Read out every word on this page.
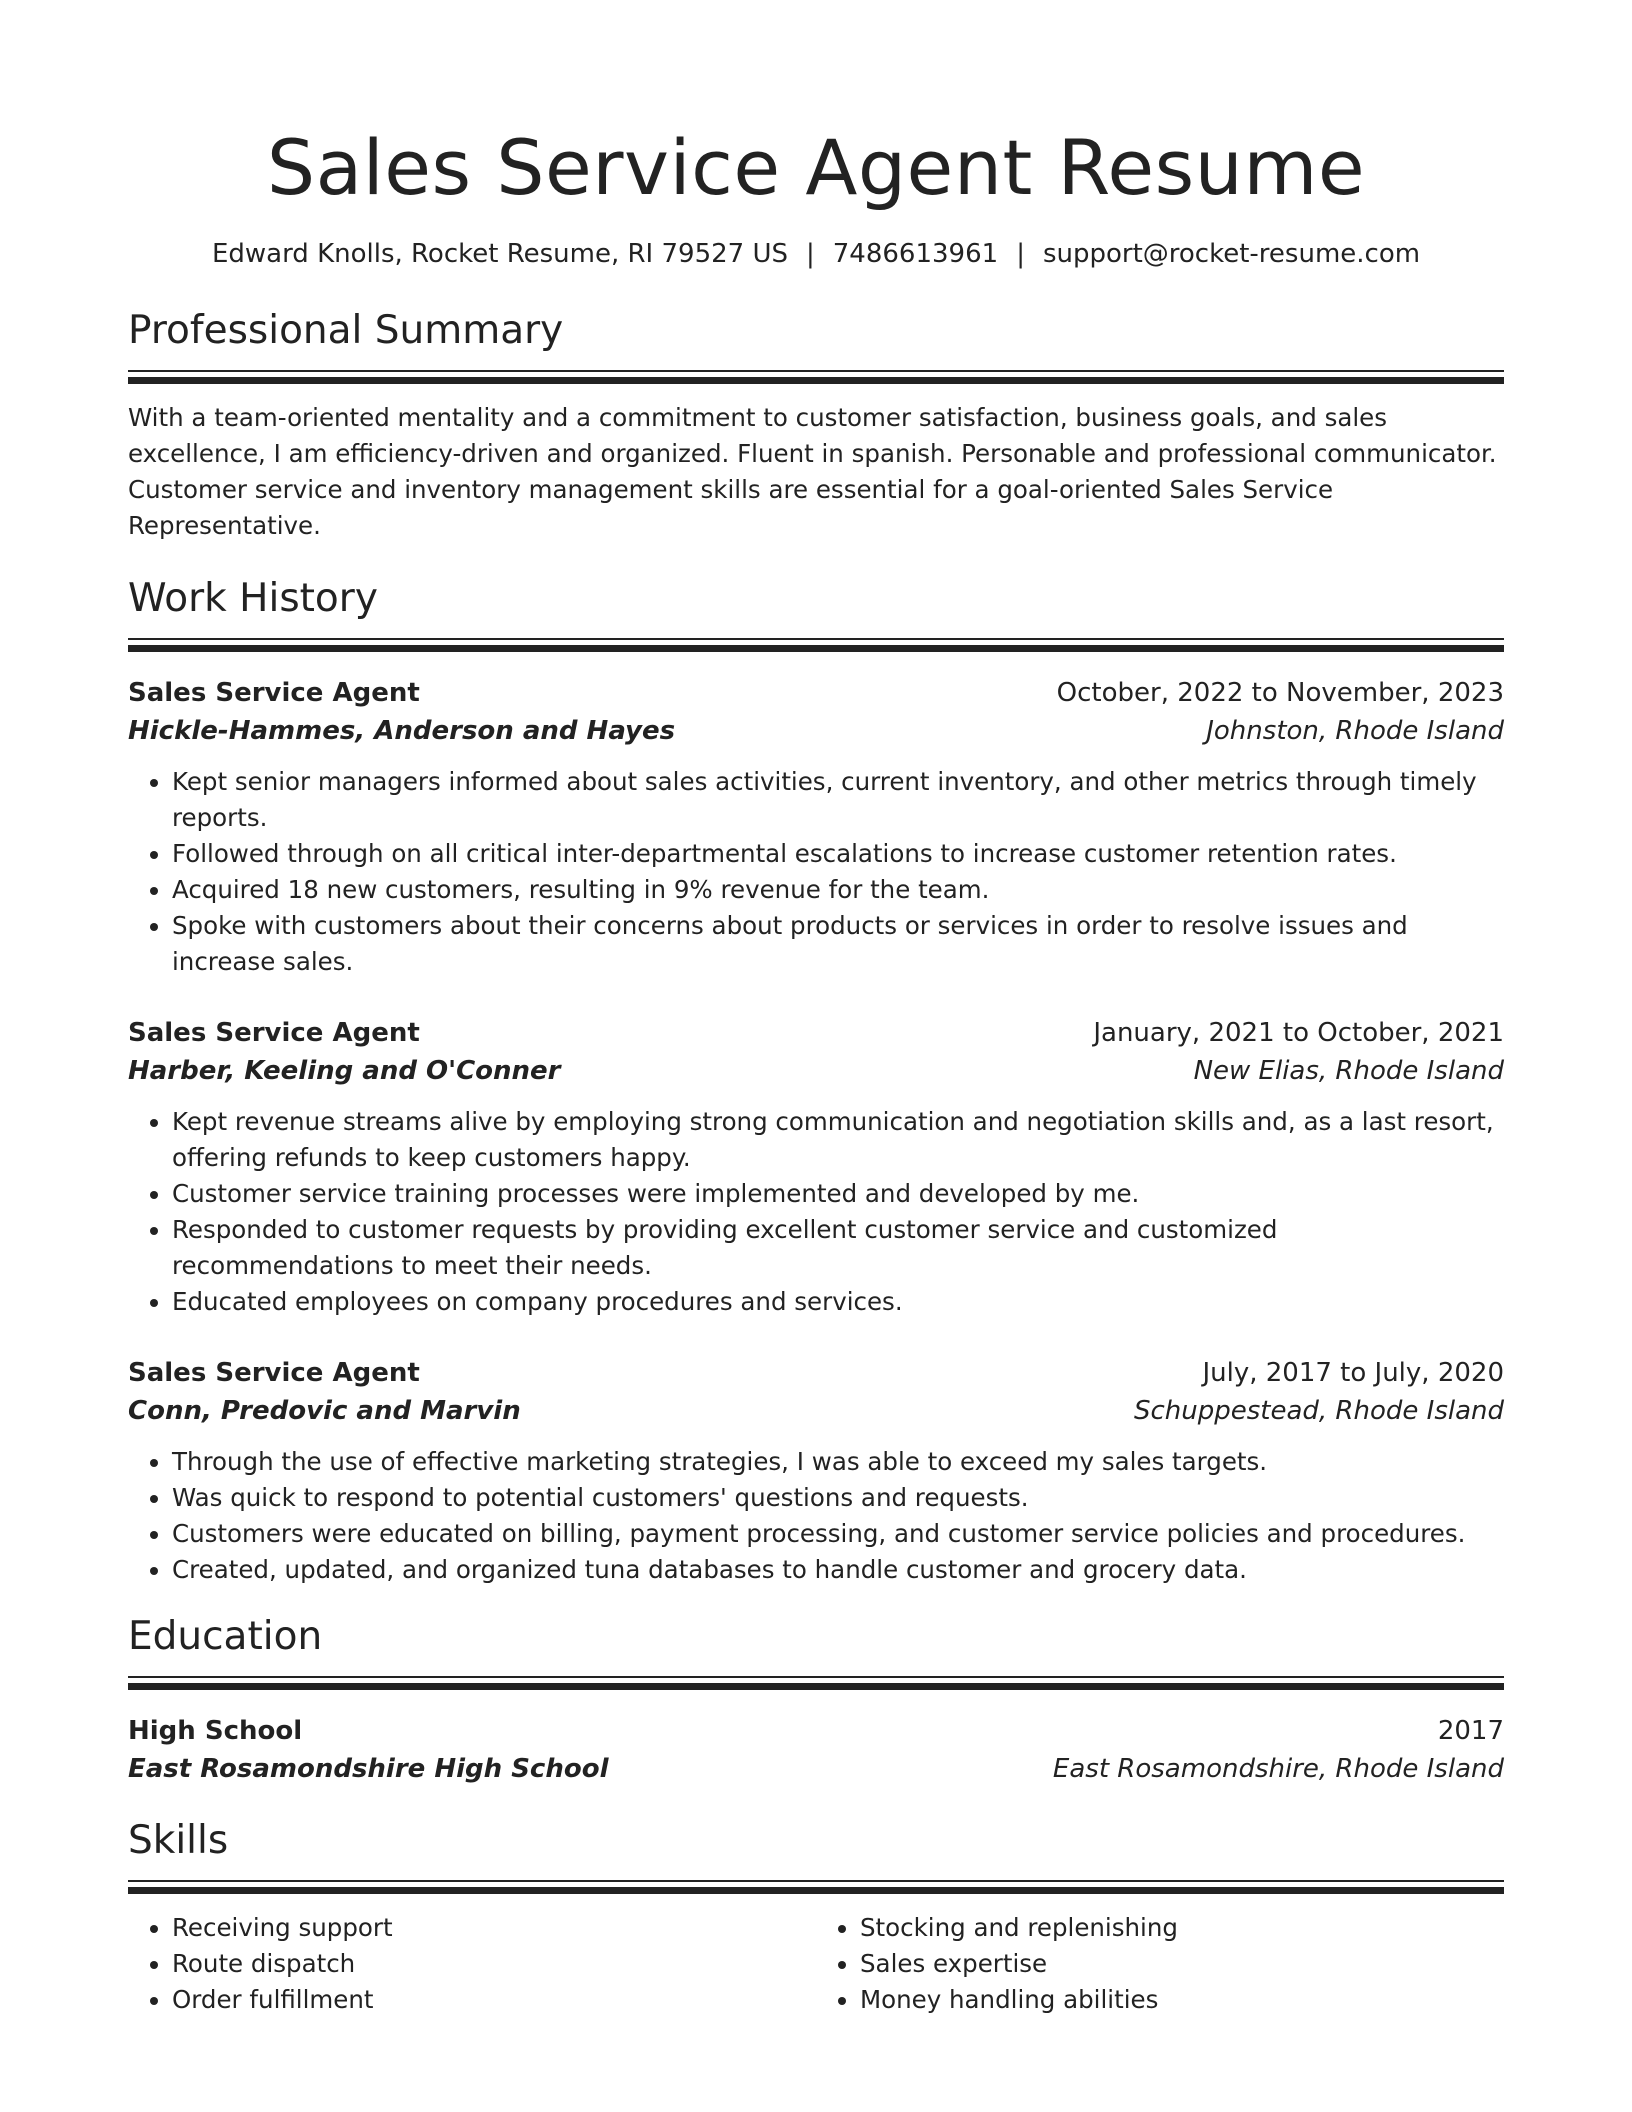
Sales Service Agent Resume
Edward Knolls, Rocket Resume, RI 79527 US | 7486613961 | support@rocket-resume.com
Professional Summary
With a team-oriented mentality and a commitment to customer satisfaction, business goals, and sales excellence, I am efficiency-driven and organized. Fluent in spanish. Personable and professional communicator. Customer service and inventory management skills are essential for a goal-oriented Sales Service Representative.
Work History
Sales Service Agent	October, 2022 to November, 2023
Hickle-Hammes, Anderson and Hayes	Johnston, Rhode Island
• Kept senior managers informed about sales activities, current inventory, and other metrics through timely reports.
• Followed through on all critical inter-departmental escalations to increase customer retention rates.
• Acquired 18 new customers, resulting in 9% revenue for the team.
• Spoke with customers about their concerns about products or services in order to resolve issues and increase sales.
Sales Service Agent	January, 2021 to October, 2021
Harber, Keeling and O'Conner	New Elias, Rhode Island
• Kept revenue streams alive by employing strong communication and negotiation skills and, as a last resort, offering refunds to keep customers happy.
• Customer service training processes were implemented and developed by me.
• Responded to customer requests by providing excellent customer service and customized recommendations to meet their needs.
• Educated employees on company procedures and services.
Sales Service Agent	July, 2017 to July, 2020
Conn, Predovic and Marvin	Schuppestead, Rhode Island
• Through the use of effective marketing strategies, I was able to exceed my sales targets.
• Was quick to respond to potential customers' questions and requests.
• Customers were educated on billing, payment processing, and customer service policies and procedures.
• Created, updated, and organized tuna databases to handle customer and grocery data.
Education
High School	2017
East Rosamondshire High School	East Rosamondshire, Rhode Island
Skills
• Receiving support
• Route dispatch
• Order fulfillment
• Stocking and replenishing
• Sales expertise
• Money handling abilities
